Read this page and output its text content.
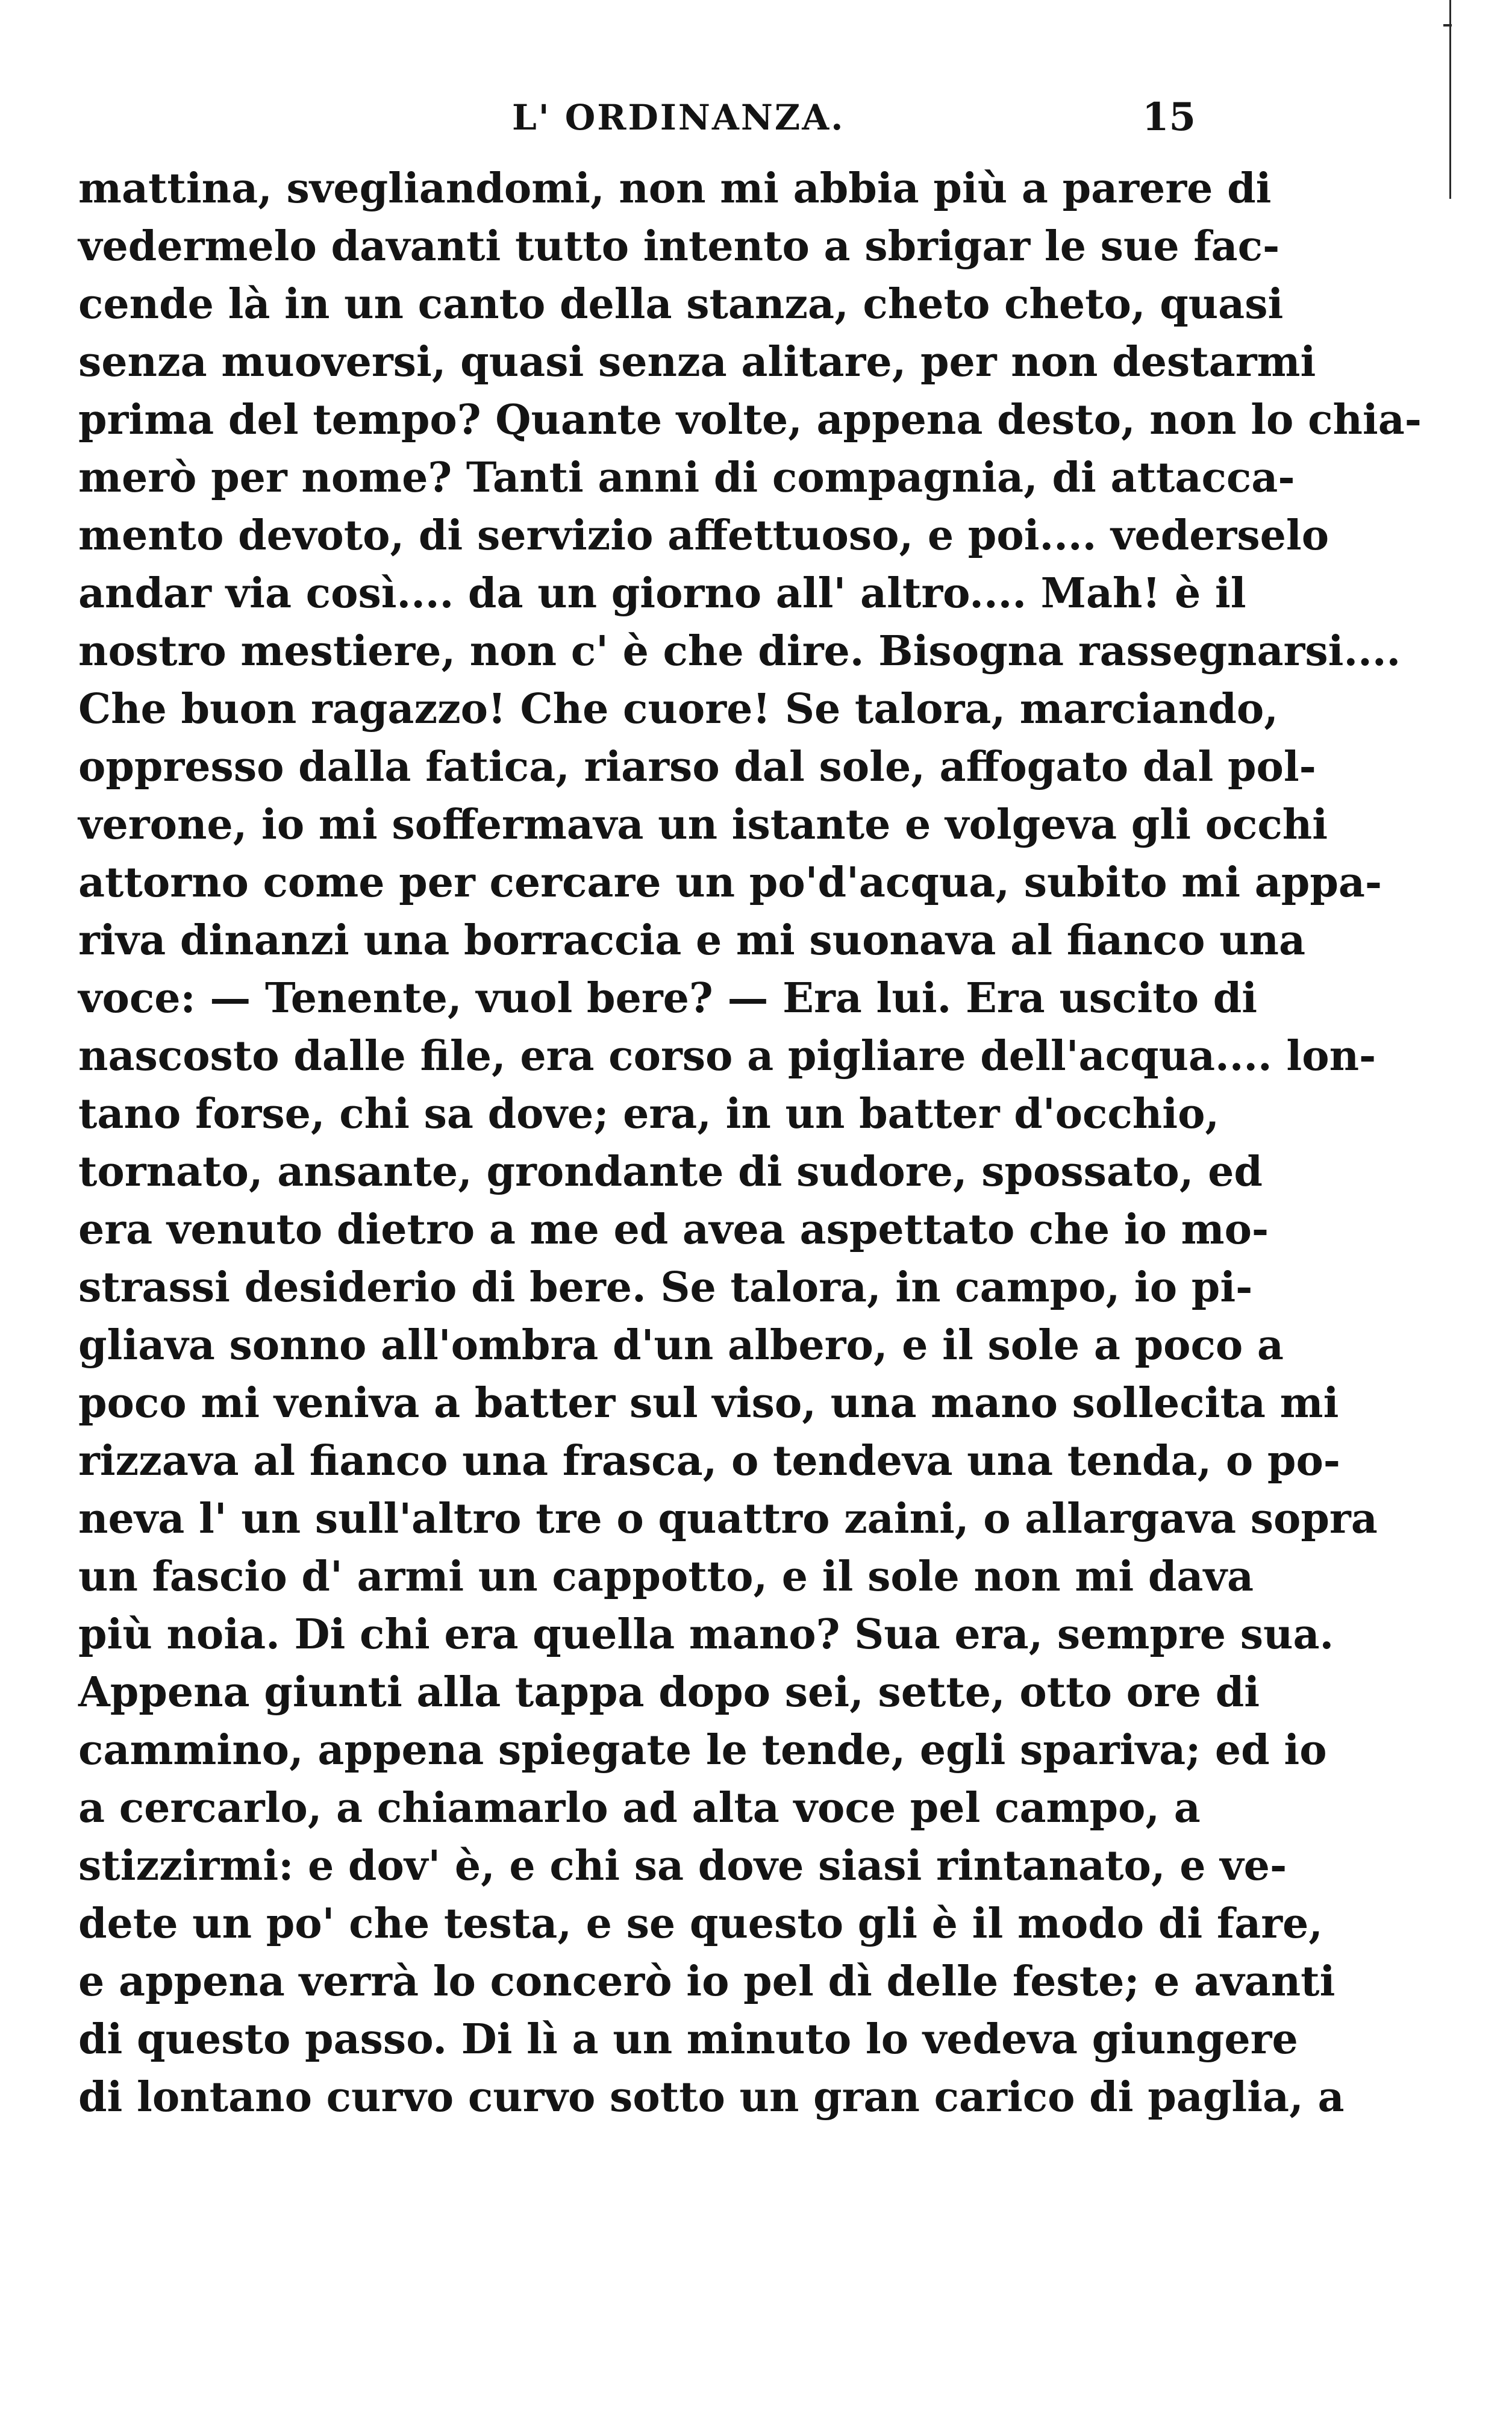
L' ORDINANZA.	15
mattina, svegliandomi, non mi abbia più a parere di
vedermelo davanti tutto intento a sbrigar le sue fac-
cende là in un canto della stanza, cheto cheto, quasi
senza muoversi, quasi senza alitare, per non destarmi
prima del tempo? Quante volte, appena desto, non lo chia-
merò per nome? Tanti anni di compagnia, di attacca-
mento devoto, di servizio affettuoso, e poi.... vederselo
andar via così.... da un giorno all' altro.... Mah! è il
nostro mestiere, non c' è che dire. Bisogna rassegnarsi....
Che buon ragazzo! Che cuore! Se talora, marciando,
oppresso dalla fatica, riarso dal sole, affogato dal pol-
verone, io mi soffermava un istante e volgeva gli occhi
attorno come per cercare un po'd'acqua, subito mi appa-
riva dinanzi una borraccia e mi suonava al fianco una
voce: — Tenente, vuol bere? — Era lui. Era uscito di
nascosto dalle file, era corso a pigliare dell'acqua.... lon-
tano forse, chi sa dove; era, in un batter d'occhio,
tornato, ansante, grondante di sudore, spossato, ed
era venuto dietro a me ed avea aspettato che io mo-
strassi desiderio di bere. Se talora, in campo, io pi-
gliava sonno all'ombra d'un albero, e il sole a poco a
poco mi veniva a batter sul viso, una mano sollecita mi
rizzava al fianco una frasca, o tendeva una tenda, o po-
neva l' un sull'altro tre o quattro zaini, o allargava sopra
un fascio d' armi un cappotto, e il sole non mi dava
più noia. Di chi era quella mano? Sua era, sempre sua.
Appena giunti alla tappa dopo sei, sette, otto ore di
cammino, appena spiegate le tende, egli spariva; ed io
a cercarlo, a chiamarlo ad alta voce pel campo, a
stizzirmi: e dov' è, e chi sa dove siasi rintanato, e ve-
dete un po' che testa, e se questo gli è il modo di fare,
e appena verrà lo concerò io pel dì delle feste; e avanti
di questo passo. Di lì a un minuto lo vedeva giungere
di lontano curvo curvo sotto un gran carico di paglia, a
